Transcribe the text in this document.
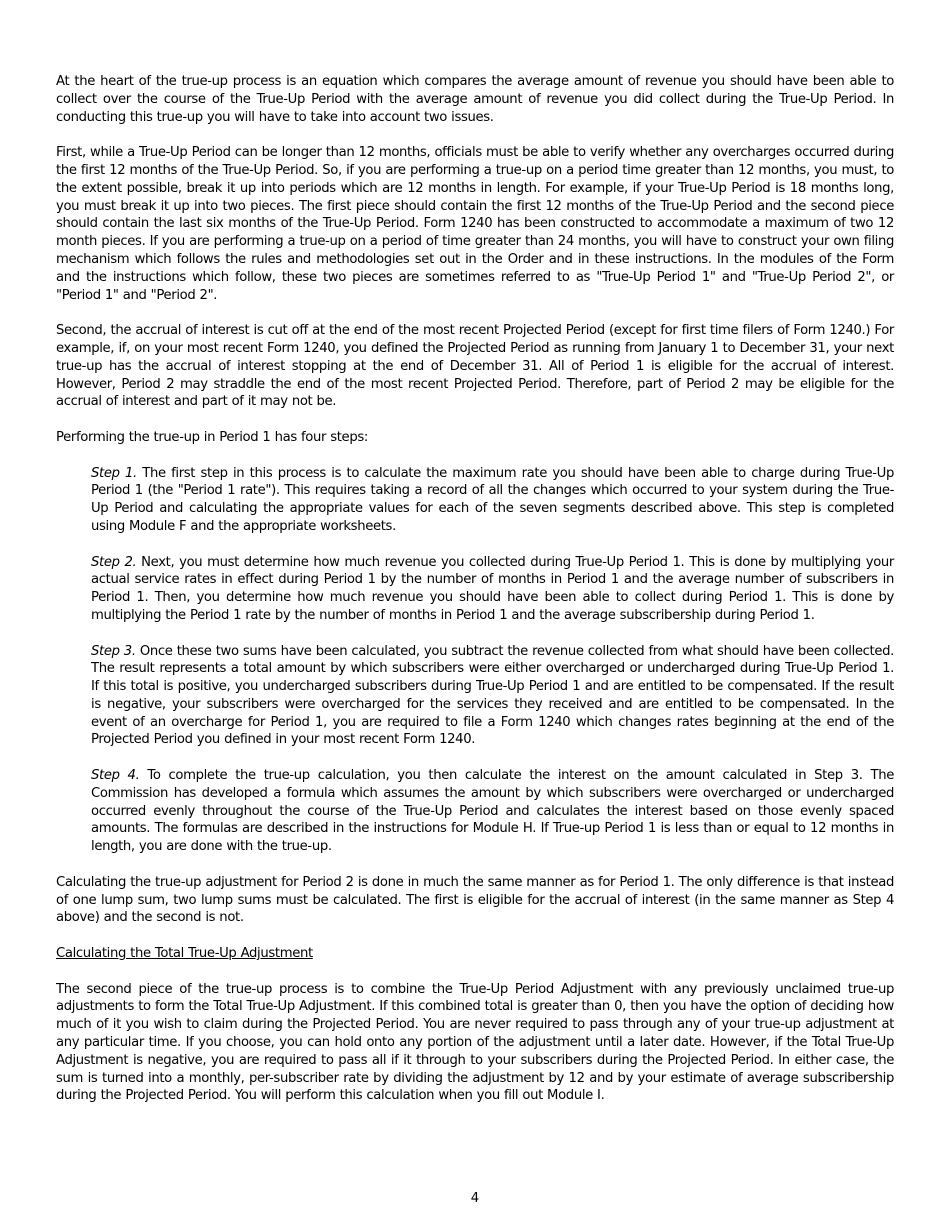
At the heart of the true-up process is an equation which compares the average amount of revenue you should have been able to collect over the course of the True-Up Period with the average amount of revenue you did collect during the True-Up Period. In conducting this true-up you will have to take into account two issues.

First, while a True-Up Period can be longer than 12 months, officials must be able to verify whether any overcharges occurred during the first 12 months of the True-Up Period. So, if you are performing a true-up on a period time greater than 12 months, you must, to the extent possible, break it up into periods which are 12 months in length. For example, if your True-Up Period is 18 months long, you must break it up into two pieces. The first piece should contain the first 12 months of the True-Up Period and the second piece should contain the last six months of the True-Up Period. Form 1240 has been constructed to accommodate a maximum of two 12 month pieces. If you are performing a true-up on a period of time greater than 24 months, you will have to construct your own filing mechanism which follows the rules and methodologies set out in the Order and in these instructions. In the modules of the Form and the instructions which follow, these two pieces are sometimes referred to as "True-Up Period 1" and "True-Up Period 2", or "Period 1" and "Period 2".

Second, the accrual of interest is cut off at the end of the most recent Projected Period (except for first time filers of Form 1240.) For example, if, on your most recent Form 1240, you defined the Projected Period as running from January 1 to December 31, your next true-up has the accrual of interest stopping at the end of December 31. All of Period 1 is eligible for the accrual of interest. However, Period 2 may straddle the end of the most recent Projected Period. Therefore, part of Period 2 may be eligible for the accrual of interest and part of it may not be.

Performing the true-up in Period 1 has four steps:

Step 1. The first step in this process is to calculate the maximum rate you should have been able to charge during True-Up Period 1 (the "Period 1 rate"). This requires taking a record of all the changes which occurred to your system during the True-Up Period and calculating the appropriate values for each of the seven segments described above. This step is completed using Module F and the appropriate worksheets.

Step 2. Next, you must determine how much revenue you collected during True-Up Period 1. This is done by multiplying your actual service rates in effect during Period 1 by the number of months in Period 1 and the average number of subscribers in Period 1. Then, you determine how much revenue you should have been able to collect during Period 1. This is done by multiplying the Period 1 rate by the number of months in Period 1 and the average subscribership during Period 1.

Step 3. Once these two sums have been calculated, you subtract the revenue collected from what should have been collected. The result represents a total amount by which subscribers were either overcharged or undercharged during True-Up Period 1. If this total is positive, you undercharged subscribers during True-Up Period 1 and are entitled to be compensated. If the result is negative, your subscribers were overcharged for the services they received and are entitled to be compensated. In the event of an overcharge for Period 1, you are required to file a Form 1240 which changes rates beginning at the end of the Projected Period you defined in your most recent Form 1240.

Step 4. To complete the true-up calculation, you then calculate the interest on the amount calculated in Step 3. The Commission has developed a formula which assumes the amount by which subscribers were overcharged or undercharged occurred evenly throughout the course of the True-Up Period and calculates the interest based on those evenly spaced amounts. The formulas are described in the instructions for Module H. If True-up Period 1 is less than or equal to 12 months in length, you are done with the true-up.

Calculating the true-up adjustment for Period 2 is done in much the same manner as for Period 1. The only difference is that instead of one lump sum, two lump sums must be calculated. The first is eligible for the accrual of interest (in the same manner as Step 4 above) and the second is not.

Calculating the Total True-Up Adjustment

The second piece of the true-up process is to combine the True-Up Period Adjustment with any previously unclaimed true-up adjustments to form the Total True-Up Adjustment. If this combined total is greater than 0, then you have the option of deciding how much of it you wish to claim during the Projected Period. You are never required to pass through any of your true-up adjustment at any particular time. If you choose, you can hold onto any portion of the adjustment until a later date. However, if the Total True-Up Adjustment is negative, you are required to pass all if it through to your subscribers during the Projected Period. In either case, the sum is turned into a monthly, per-subscriber rate by dividing the adjustment by 12 and by your estimate of average subscribership during the Projected Period. You will perform this calculation when you fill out Module I.

4
